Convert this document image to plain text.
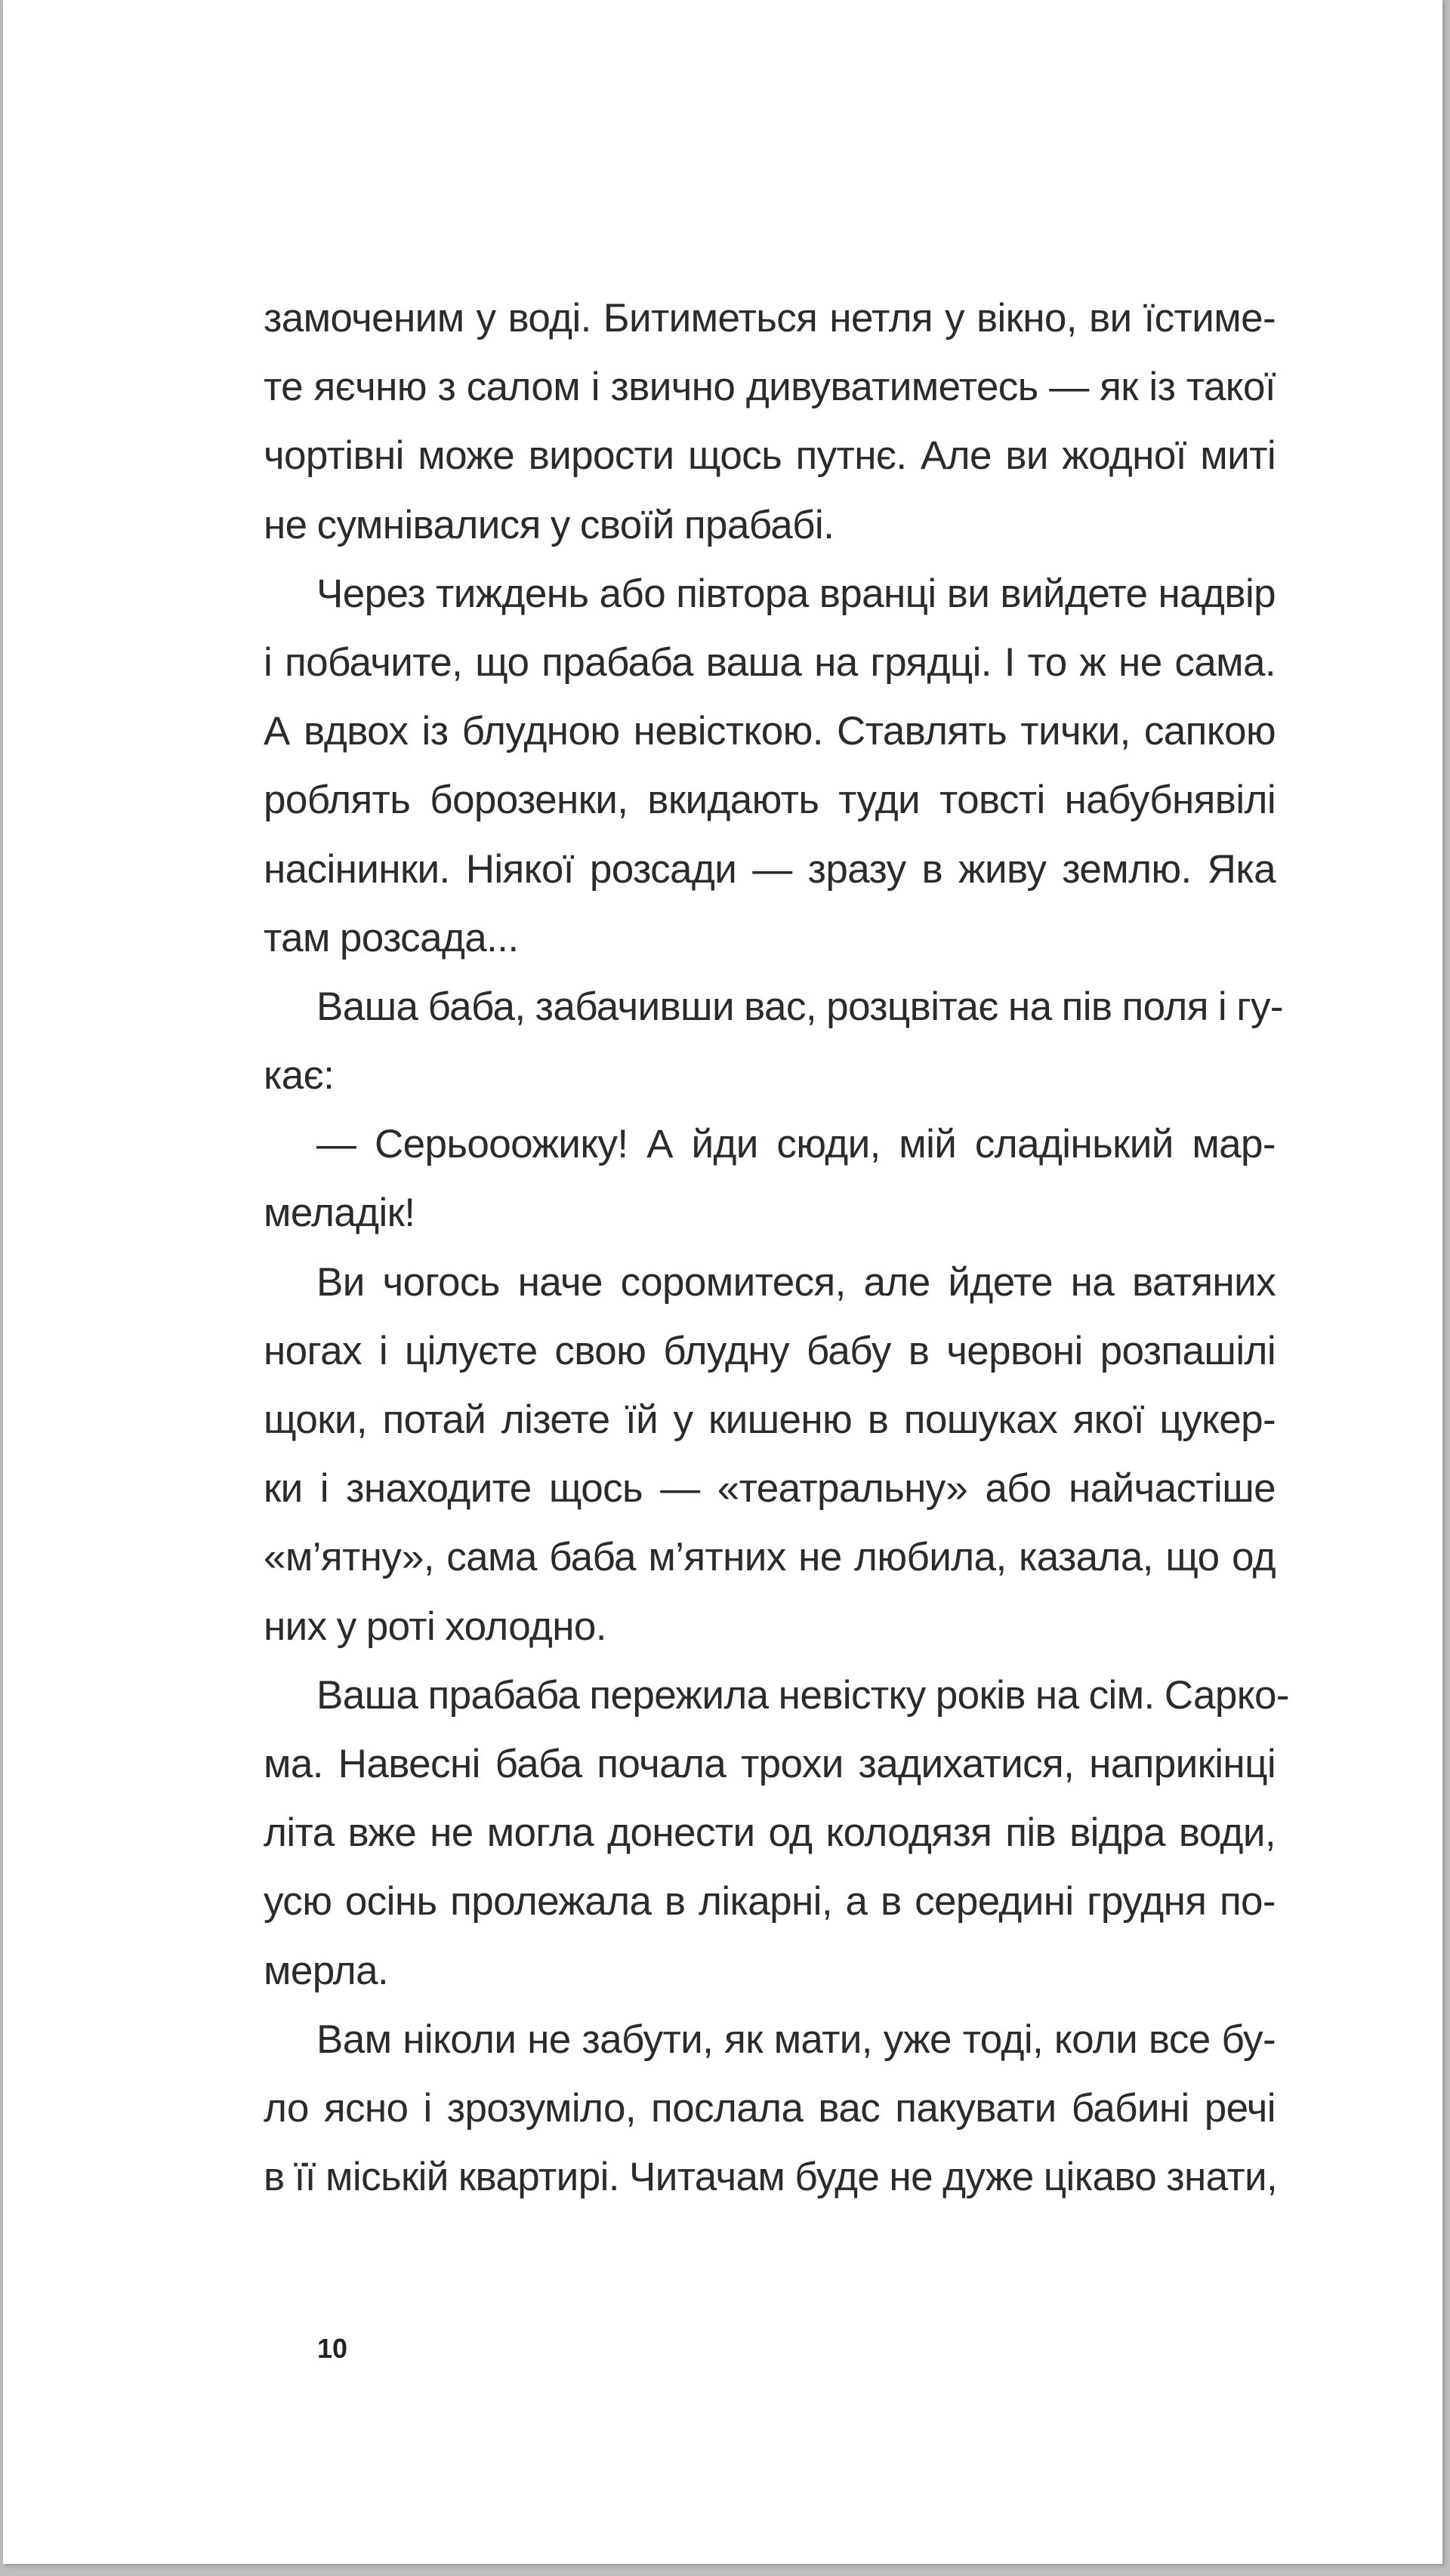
замоченим у воді. Битиметься нетля у вікно, ви їстиме-
те яєчню з салом і звично дивуватиметесь — як із такої
чортівні може вирости щось путнє. Але ви жодної миті
не сумнівалися у своїй прабабі.
Через тиждень або півтора вранці ви вийдете надвір
і побачите, що прабаба ваша на грядці. І то ж не сама.
А вдвох із блудною невісткою. Ставлять тички, сапкою
роблять борозенки, вкидають туди товсті набубнявілі
насінинки. Ніякої розсади — зразу в живу землю. Яка
там розсада...
Ваша баба, забачивши вас, розцвітає на пів поля і гу-
кає:
— Серьооожику! А йди сюди, мій сладінький мар-
меладік!
Ви чогось наче соромитеся, але йдете на ватяних
ногах і цілуєте свою блудну бабу в червоні розпашілі
щоки, потай лізете їй у кишеню в пошуках якої цукер-
ки і знаходите щось — «театральну» або найчастіше
«м’ятну», сама баба м’ятних не любила, казала, що од
них у роті холодно.
Ваша прабаба пережила невістку років на сім. Сарко-
ма. Навесні баба почала трохи задихатися, наприкінці
літа вже не могла донести од колодязя пів відра води,
усю осінь пролежала в лікарні, а в середині грудня по-
мерла.
Вам ніколи не забути, як мати, уже тоді, коли все бу-
ло ясно і зрозуміло, послала вас пакувати бабині речі
в її міській квартирі. Читачам буде не дуже цікаво знати,
10
